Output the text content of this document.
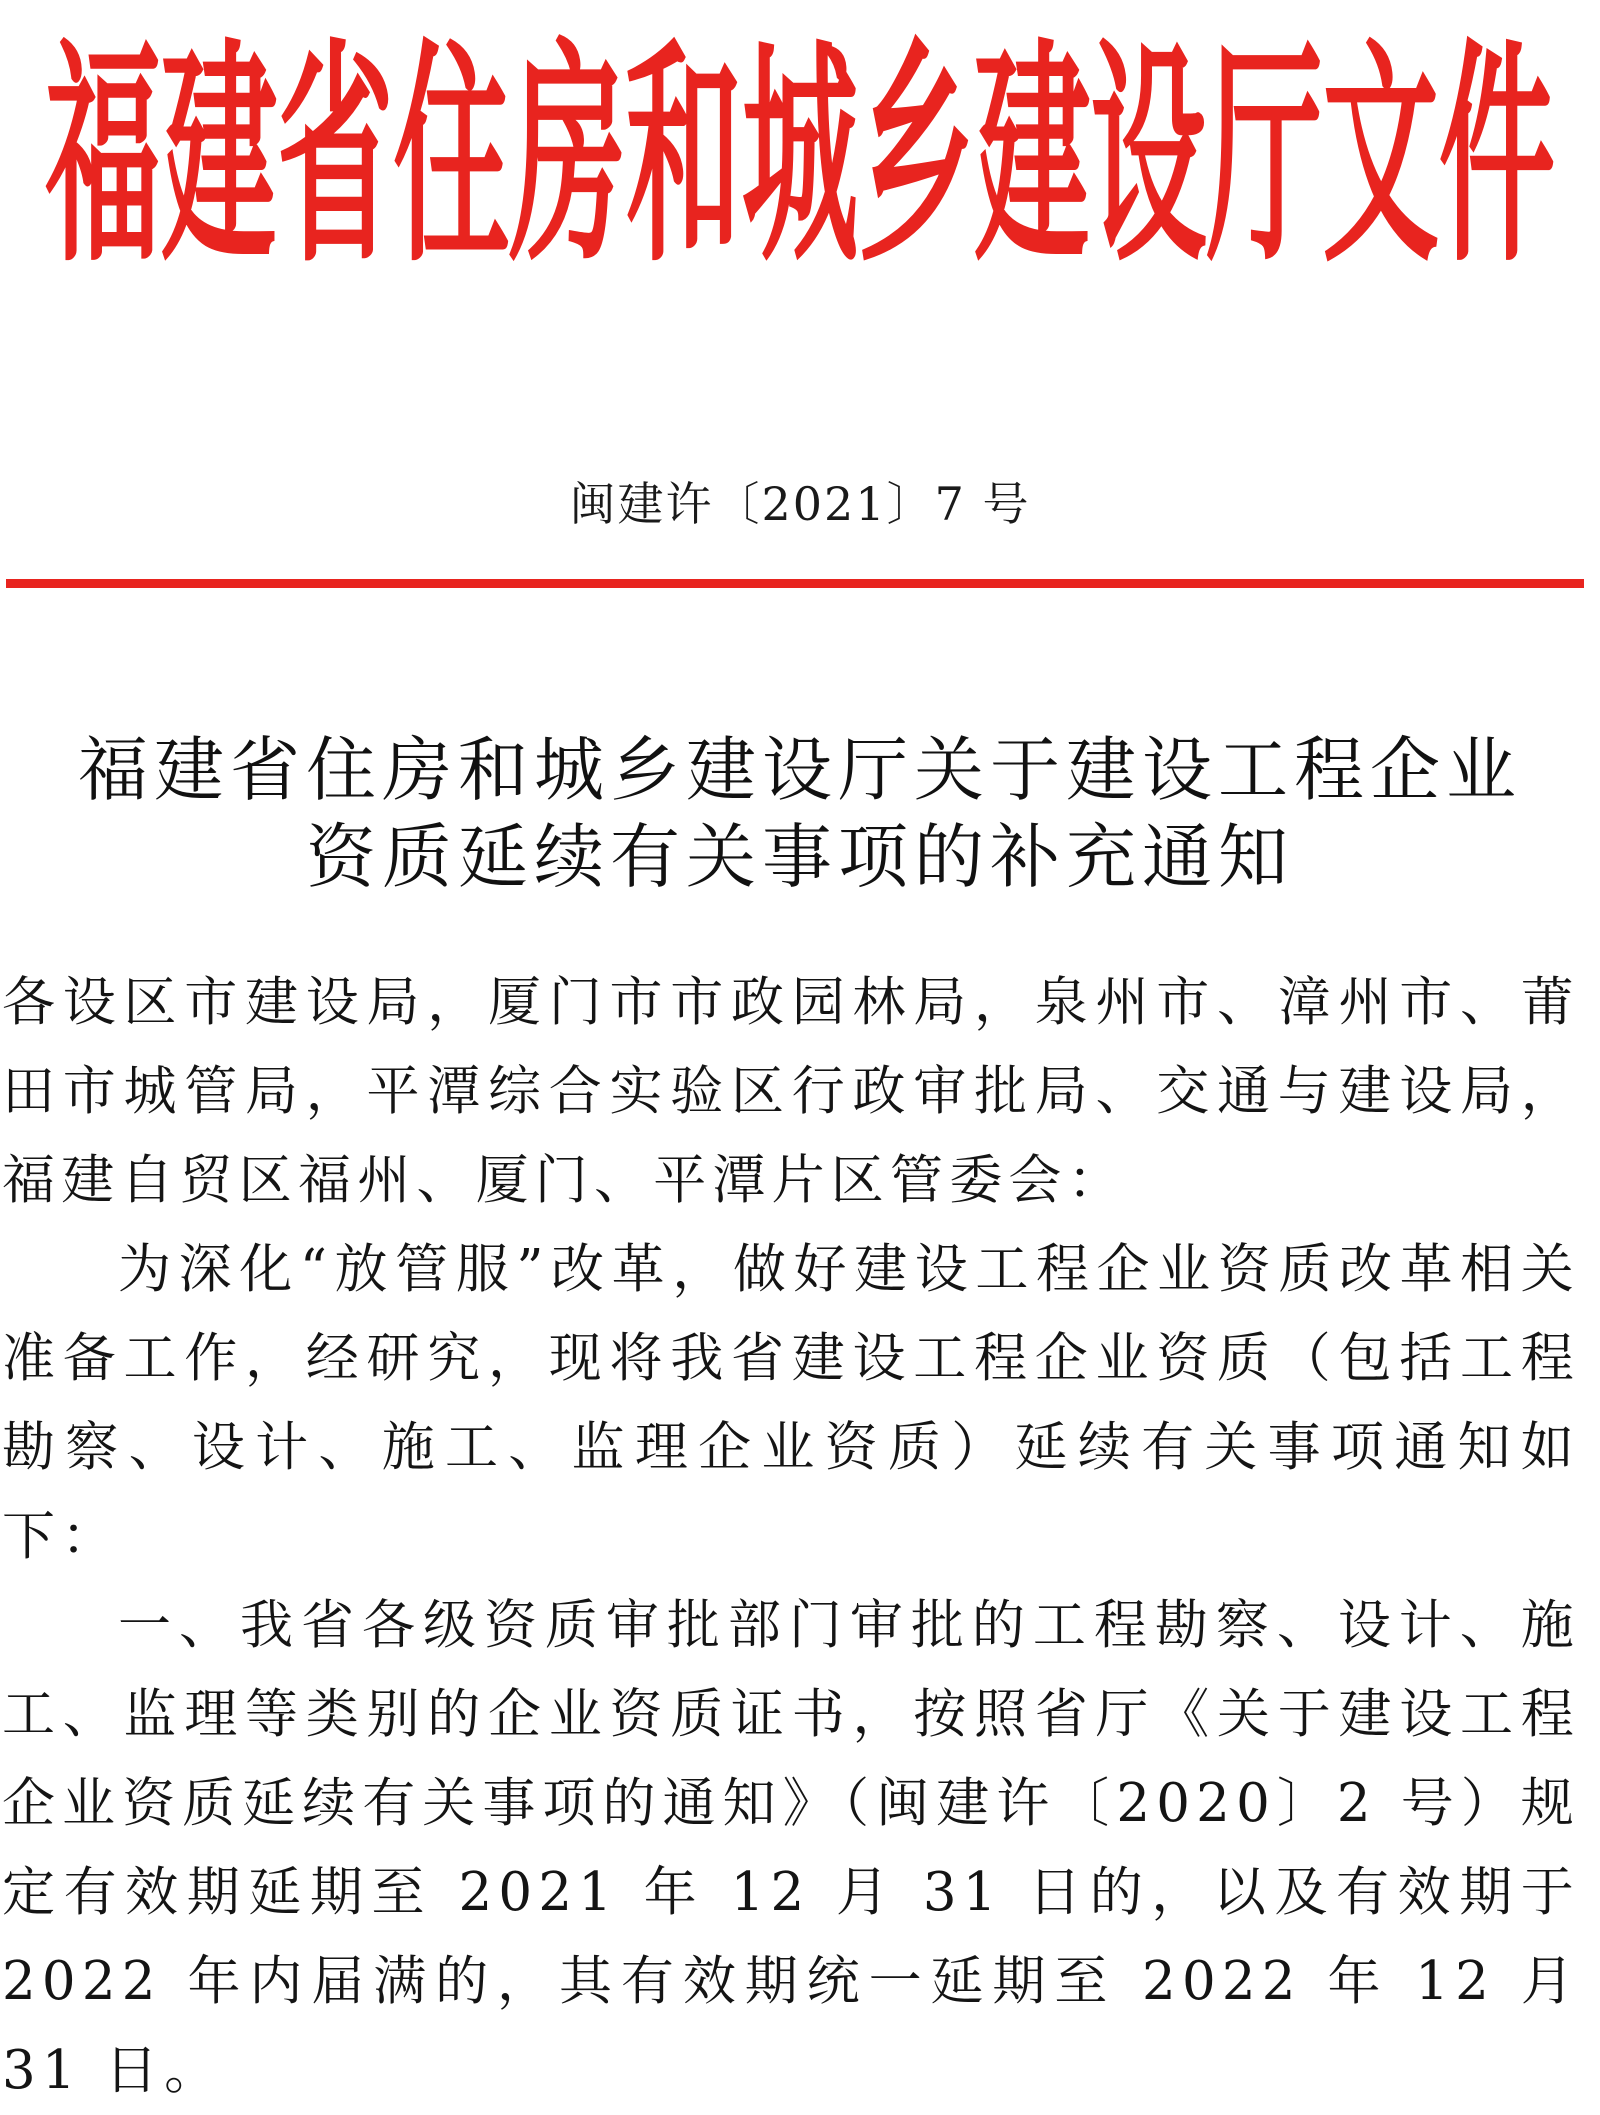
福建省住房和城乡建设厅文件
闽建许〔2021〕7 号
福建省住房和城乡建设厅关于建设工程企业
资质延续有关事项的补充通知

各设区市建设局，厦门市市政园林局，泉州市、漳州市、莆田市城管局，平潭综合实验区行政审批局、交通与建设局，福建自贸区福州、厦门、平潭片区管委会：

为深化“放管服”改革，做好建设工程企业资质改革相关准备工作，经研究，现将我省建设工程企业资质（包括工程勘察、设计、施工、监理企业资质）延续有关事项通知如下：

一、我省各级资质审批部门审批的工程勘察、设计、施工、监理等类别的企业资质证书，按照省厅《关于建设工程企业资质延续有关事项的通知》（闽建许〔2020〕2 号）规定有效期延期至 2021 年 12 月 31 日的，以及有效期于 2022 年内届满的，其有效期统一延期至 2022 年 12 月 31 日。
